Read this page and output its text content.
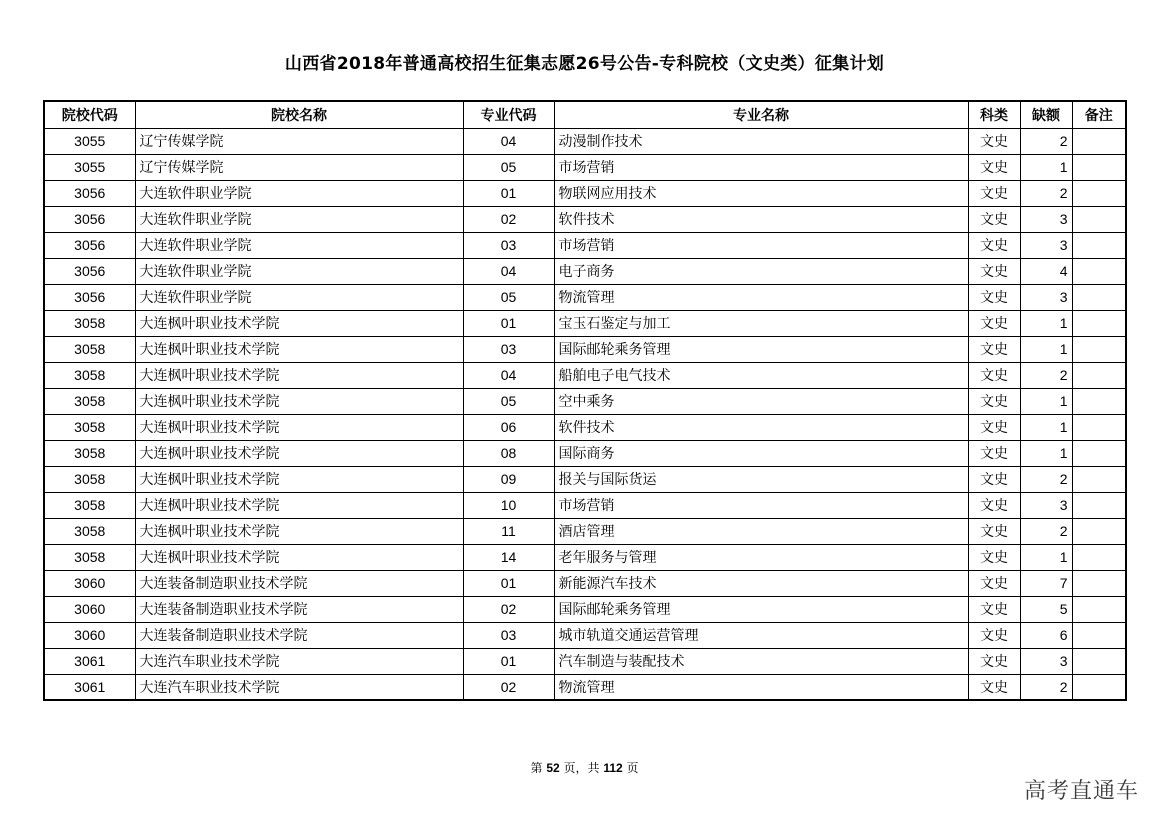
山西省2018年普通高校招生征集志愿26号公告-专科院校（文史类）征集计划
院校代码	院校名称	专业代码	专业名称	科类	缺额	备注
3055	辽宁传媒学院	04	动漫制作技术	文史	2	
3055	辽宁传媒学院	05	市场营销	文史	1	
3056	大连软件职业学院	01	物联网应用技术	文史	2	
3056	大连软件职业学院	02	软件技术	文史	3	
3056	大连软件职业学院	03	市场营销	文史	3	
3056	大连软件职业学院	04	电子商务	文史	4	
3056	大连软件职业学院	05	物流管理	文史	3	
3058	大连枫叶职业技术学院	01	宝玉石鉴定与加工	文史	1	
3058	大连枫叶职业技术学院	03	国际邮轮乘务管理	文史	1	
3058	大连枫叶职业技术学院	04	船舶电子电气技术	文史	2	
3058	大连枫叶职业技术学院	05	空中乘务	文史	1	
3058	大连枫叶职业技术学院	06	软件技术	文史	1	
3058	大连枫叶职业技术学院	08	国际商务	文史	1	
3058	大连枫叶职业技术学院	09	报关与国际货运	文史	2	
3058	大连枫叶职业技术学院	10	市场营销	文史	3	
3058	大连枫叶职业技术学院	11	酒店管理	文史	2	
3058	大连枫叶职业技术学院	14	老年服务与管理	文史	1	
3060	大连装备制造职业技术学院	01	新能源汽车技术	文史	7	
3060	大连装备制造职业技术学院	02	国际邮轮乘务管理	文史	5	
3060	大连装备制造职业技术学院	03	城市轨道交通运营管理	文史	6	
3061	大连汽车职业技术学院	01	汽车制造与装配技术	文史	3	
3061	大连汽车职业技术学院	02	物流管理	文史	2	
第 52 页，共 112 页
高考直通车
